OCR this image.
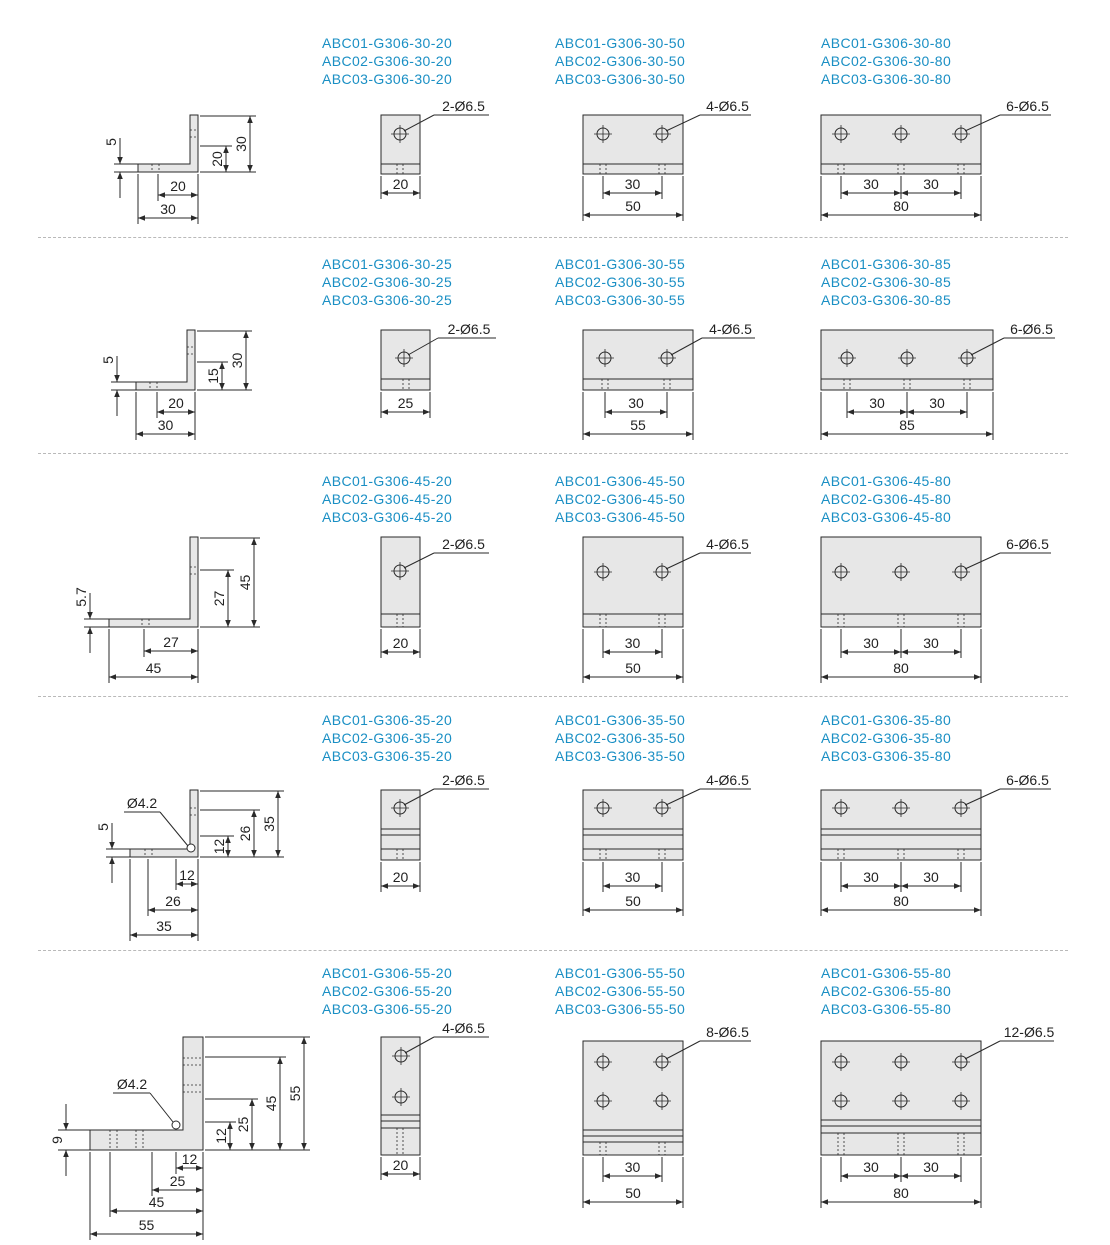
5
20
30
20
30
2-Ø6.5
20
4-Ø6.5
50
30
6-Ø6.5
80
30	30
5
15
30
20
30
2-Ø6.5
25
4-Ø6.5
55
30
6-Ø6.5
85
30	30
5.7	27
45
27
45
2-Ø6.5
20
4-Ø6.5
50
30
6-Ø6.5
80
30	30
Ø4.2
5
12
26
35
12
26
35
2-Ø6.5
20
4-Ø6.5
50
30
6-Ø6.5
80
30	30
Ø4.2
9	12
25
45
55
12
25
45
55
4-Ø6.5
20
8-Ø6.5
50
30
12-Ø6.5
80
30	30
ABC01-G306-30-20
ABC02-G306-30-20
ABC03-G306-30-20
ABC01-G306-30-50
ABC02-G306-30-50
ABC03-G306-30-50
ABC01-G306-30-80
ABC02-G306-30-80
ABC03-G306-30-80
ABC01-G306-30-25
ABC02-G306-30-25
ABC03-G306-30-25
ABC01-G306-30-55
ABC02-G306-30-55
ABC03-G306-30-55
ABC01-G306-30-85
ABC02-G306-30-85
ABC03-G306-30-85
ABC01-G306-45-20
ABC02-G306-45-20
ABC03-G306-45-20
ABC01-G306-45-50
ABC02-G306-45-50
ABC03-G306-45-50
ABC01-G306-45-80
ABC02-G306-45-80
ABC03-G306-45-80
ABC01-G306-35-20
ABC02-G306-35-20
ABC03-G306-35-20
ABC01-G306-35-50
ABC02-G306-35-50
ABC03-G306-35-50
ABC01-G306-35-80
ABC02-G306-35-80
ABC03-G306-35-80
ABC01-G306-55-20
ABC02-G306-55-20
ABC03-G306-55-20
ABC01-G306-55-50
ABC02-G306-55-50
ABC03-G306-55-50
ABC01-G306-55-80
ABC02-G306-55-80
ABC03-G306-55-80
